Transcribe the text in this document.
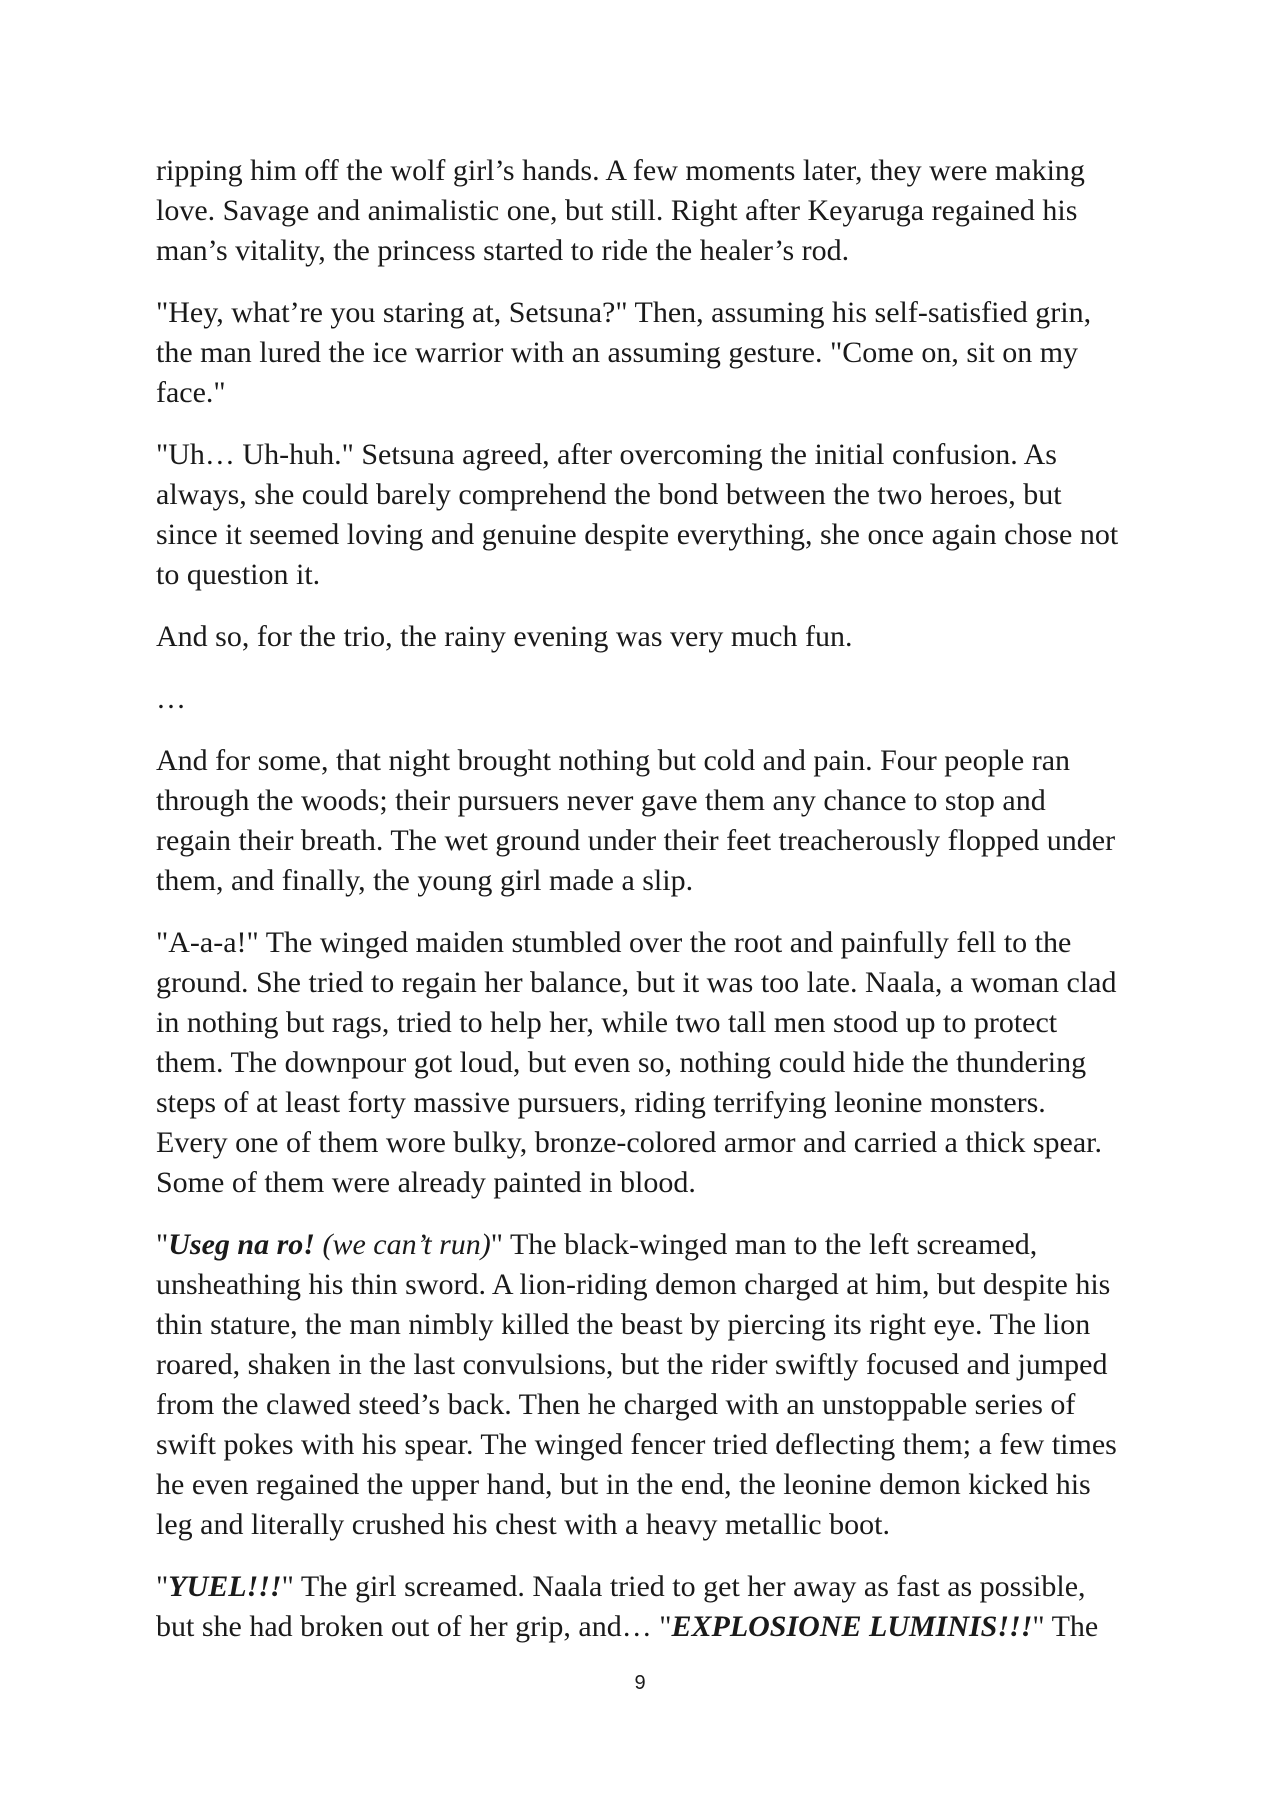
ripping him off the wolf girl’s hands. A few moments later, they were making
love. Savage and animalistic one, but still. Right after Keyaruga regained his
man’s vitality, the princess started to ride the healer’s rod.

"Hey, what’re you staring at, Setsuna?" Then, assuming his self-satisfied grin,
the man lured the ice warrior with an assuming gesture. "Come on, sit on my
face."

"Uh… Uh-huh." Setsuna agreed, after overcoming the initial confusion. As
always, she could barely comprehend the bond between the two heroes, but
since it seemed loving and genuine despite everything, she once again chose not
to question it.

And so, for the trio, the rainy evening was very much fun.

…

And for some, that night brought nothing but cold and pain. Four people ran
through the woods; their pursuers never gave them any chance to stop and
regain their breath. The wet ground under their feet treacherously flopped under
them, and finally, the young girl made a slip.

"A-a-a!" The winged maiden stumbled over the root and painfully fell to the
ground. She tried to regain her balance, but it was too late. Naala, a woman clad
in nothing but rags, tried to help her, while two tall men stood up to protect
them. The downpour got loud, but even so, nothing could hide the thundering
steps of at least forty massive pursuers, riding terrifying leonine monsters.
Every one of them wore bulky, bronze-colored armor and carried a thick spear.
Some of them were already painted in blood.

"Useg na ro! (we can’t run)" The black-winged man to the left screamed,
unsheathing his thin sword. A lion-riding demon charged at him, but despite his
thin stature, the man nimbly killed the beast by piercing its right eye. The lion
roared, shaken in the last convulsions, but the rider swiftly focused and jumped
from the clawed steed’s back. Then he charged with an unstoppable series of
swift pokes with his spear. The winged fencer tried deflecting them; a few times
he even regained the upper hand, but in the end, the leonine demon kicked his
leg and literally crushed his chest with a heavy metallic boot.

"YUEL!!!" The girl screamed. Naala tried to get her away as fast as possible,
but she had broken out of her grip, and… "EXPLOSIONE LUMINIS!!!" The

9
